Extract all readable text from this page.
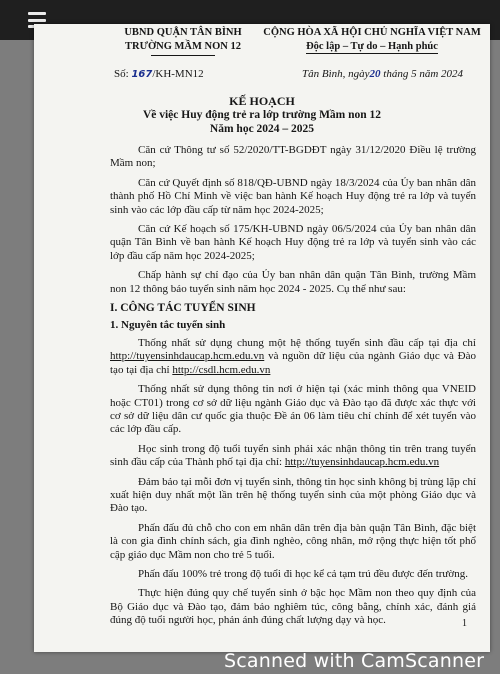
UBND QUẬN TÂN BÌNH
TRƯỜNG MẦM NON 12
CỘNG HÒA XÃ HỘI CHỦ NGHĨA VIỆT NAM
Độc lập – Tự do – Hạnh phúc
Số: 167/KH-MN12	Tân Bình, ngày20 tháng 5 năm 2024
KẾ HOẠCH
Về việc Huy động trẻ ra lớp trường Mầm non 12
Năm học 2024 – 2025

Căn cứ Thông tư số 52/2020/TT-BGDĐT ngày 31/12/2020 Điều lệ trường Mầm non;

Căn cứ Quyết định số 818/QĐ-UBND ngày 18/3/2024 của Ủy ban nhân dân thành phố Hồ Chí Minh về việc ban hành Kế hoạch Huy động trẻ ra lớp và tuyển sinh vào các lớp đầu cấp từ năm học 2024-2025;

Căn cứ Kế hoạch số 175/KH-UBND ngày 06/5/2024 của Ủy ban nhân dân quận Tân Bình về ban hành Kế hoạch Huy động trẻ ra lớp và tuyển sinh vào các lớp đầu cấp năm học 2024-2025;

Chấp hành sự chỉ đạo của Ủy ban nhân dân quận Tân Bình, trường Mầm non 12 thông báo tuyển sinh năm học 2024 - 2025. Cụ thể như sau:

I. CÔNG TÁC TUYỂN SINH
1. Nguyên tắc tuyển sinh

Thống nhất sử dụng chung một hệ thống tuyển sinh đầu cấp tại địa chỉ http://tuyensinhdaucap.hcm.edu.vn và nguồn dữ liệu của ngành Giáo dục và Đào tạo tại địa chỉ http://csdl.hcm.edu.vn

Thống nhất sử dụng thông tin nơi ở hiện tại (xác minh thông qua VNEID hoặc CT01) trong cơ sở dữ liệu ngành Giáo dục và Đào tạo đã được xác thực với cơ sở dữ liệu dân cư quốc gia thuộc Đề án 06 làm tiêu chí chính để xét tuyển vào các lớp đầu cấp.

Học sinh trong độ tuổi tuyển sinh phải xác nhận thông tin trên trang tuyển sinh đầu cấp của Thành phố tại địa chỉ: http://tuyensinhdaucap.hcm.edu.vn

Đảm bảo tại mỗi đơn vị tuyển sinh, thông tin học sinh không bị trùng lặp chỉ xuất hiện duy nhất một lần trên hệ thống tuyển sinh của một phòng Giáo dục và Đào tạo.

Phấn đấu đủ chỗ cho con em nhân dân trên địa bàn quận Tân Bình, đặc biệt là con gia đình chính sách, gia đình nghèo, công nhân, mở rộng thực hiện tốt phổ cập giáo dục Mầm non cho trẻ 5 tuổi.

Phấn đấu 100% trẻ trong độ tuổi đi học kể cả tạm trú đều được đến trường.

Thực hiện đúng quy chế tuyển sinh ở bậc học Mầm non theo quy định của Bộ Giáo dục và Đào tạo, đảm bảo nghiêm túc, công bằng, chính xác, đánh giá đúng độ tuổi người học, phản ánh đúng chất lượng dạy và học.	1
Scanned with CamScanner
